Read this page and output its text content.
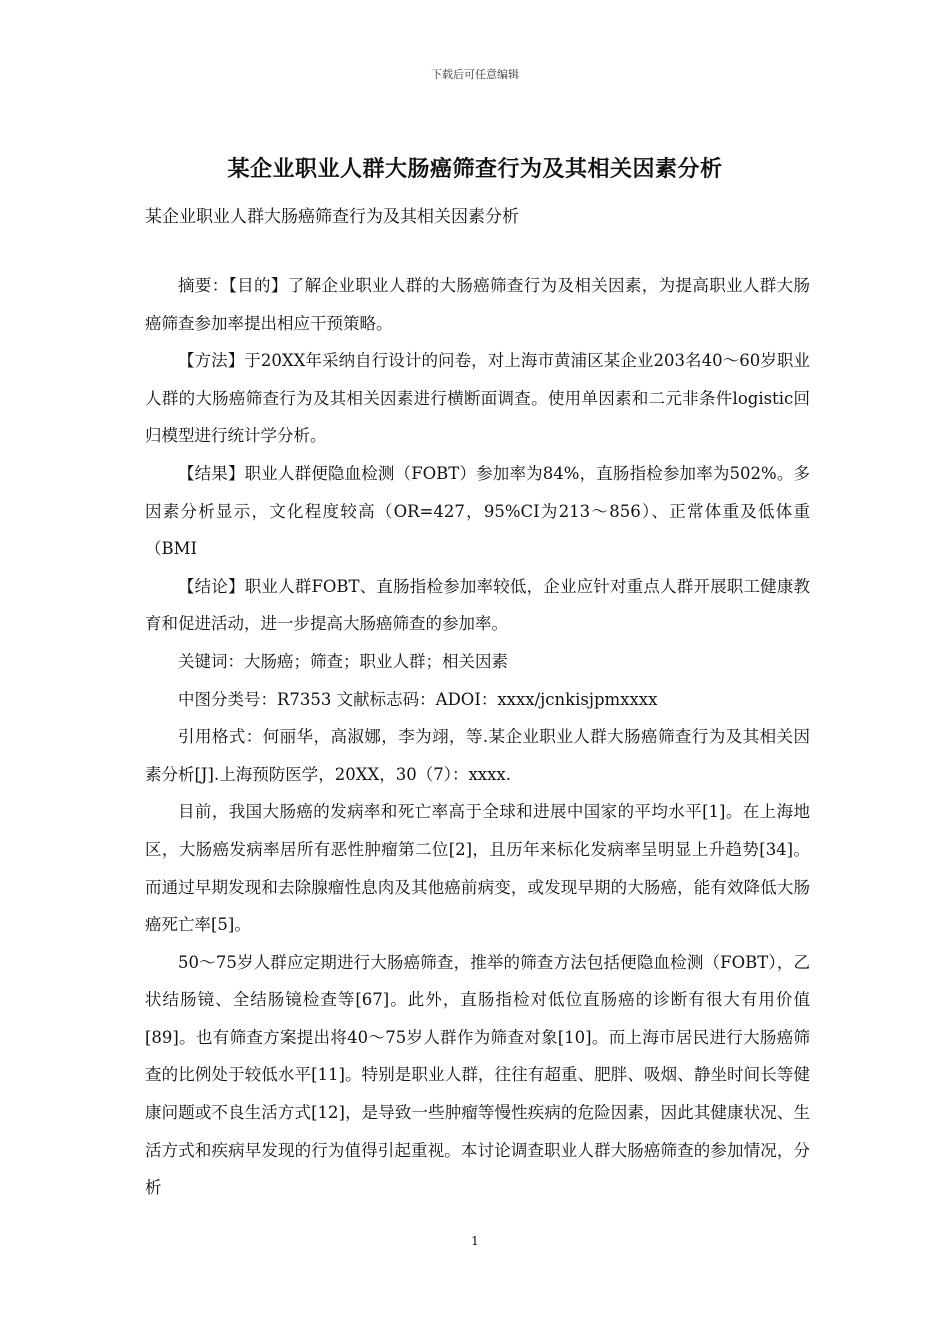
下载后可任意编辑
某企业职业人群大肠癌筛查行为及其相关因素分析
某企业职业人群大肠癌筛查行为及其相关因素分析

摘要：【目的】了解企业职业人群的大肠癌筛查行为及相关因素，为提高职业人群大肠癌筛查参加率提出相应干预策略。

【方法】于20XX年采纳自行设计的问卷，对上海市黄浦区某企业203名40～60岁职业人群的大肠癌筛查行为及其相关因素进行横断面调查。使用单因素和二元非条件logistic回归模型进行统计学分析。

【结果】职业人群便隐血检测（FOBT）参加率为84%，直肠指检参加率为502%。多因素分析显示，文化程度较高（OR=427，95%CI为213～856）、正常体重及低体重（BMI

【结论】职业人群FOBT、直肠指检参加率较低，企业应针对重点人群开展职工健康教育和促进活动，进一步提高大肠癌筛查的参加率。

关键词：大肠癌；筛查；职业人群；相关因素

中图分类号：R7353 文献标志码：ADOI：xxxx/jcnkisjpmxxxx

引用格式：何丽华，高淑娜，李为翊，等.某企业职业人群大肠癌筛查行为及其相关因素分析[J].上海预防医学，20XX，30（7）：xxxx.

目前，我国大肠癌的发病率和死亡率高于全球和进展中国家的平均水平[1]。在上海地区，大肠癌发病率居所有恶性肿瘤第二位[2]，且历年来标化发病率呈明显上升趋势[34]。而通过早期发现和去除腺瘤性息肉及其他癌前病变，或发现早期的大肠癌，能有效降低大肠癌死亡率[5]。

50～75岁人群应定期进行大肠癌筛查，推举的筛查方法包括便隐血检测（FOBT），乙状结肠镜、全结肠镜检查等[67]。此外，直肠指检对低位直肠癌的诊断有很大有用价值[89]。也有筛查方案提出将40～75岁人群作为筛查对象[10]。而上海市居民进行大肠癌筛查的比例处于较低水平[11]。特别是职业人群，往往有超重、肥胖、吸烟、静坐时间长等健康问题或不良生活方式[12]，是导致一些肿瘤等慢性疾病的危险因素，因此其健康状况、生活方式和疾病早发现的行为值得引起重视。本讨论调查职业人群大肠癌筛查的参加情况，分析

1
